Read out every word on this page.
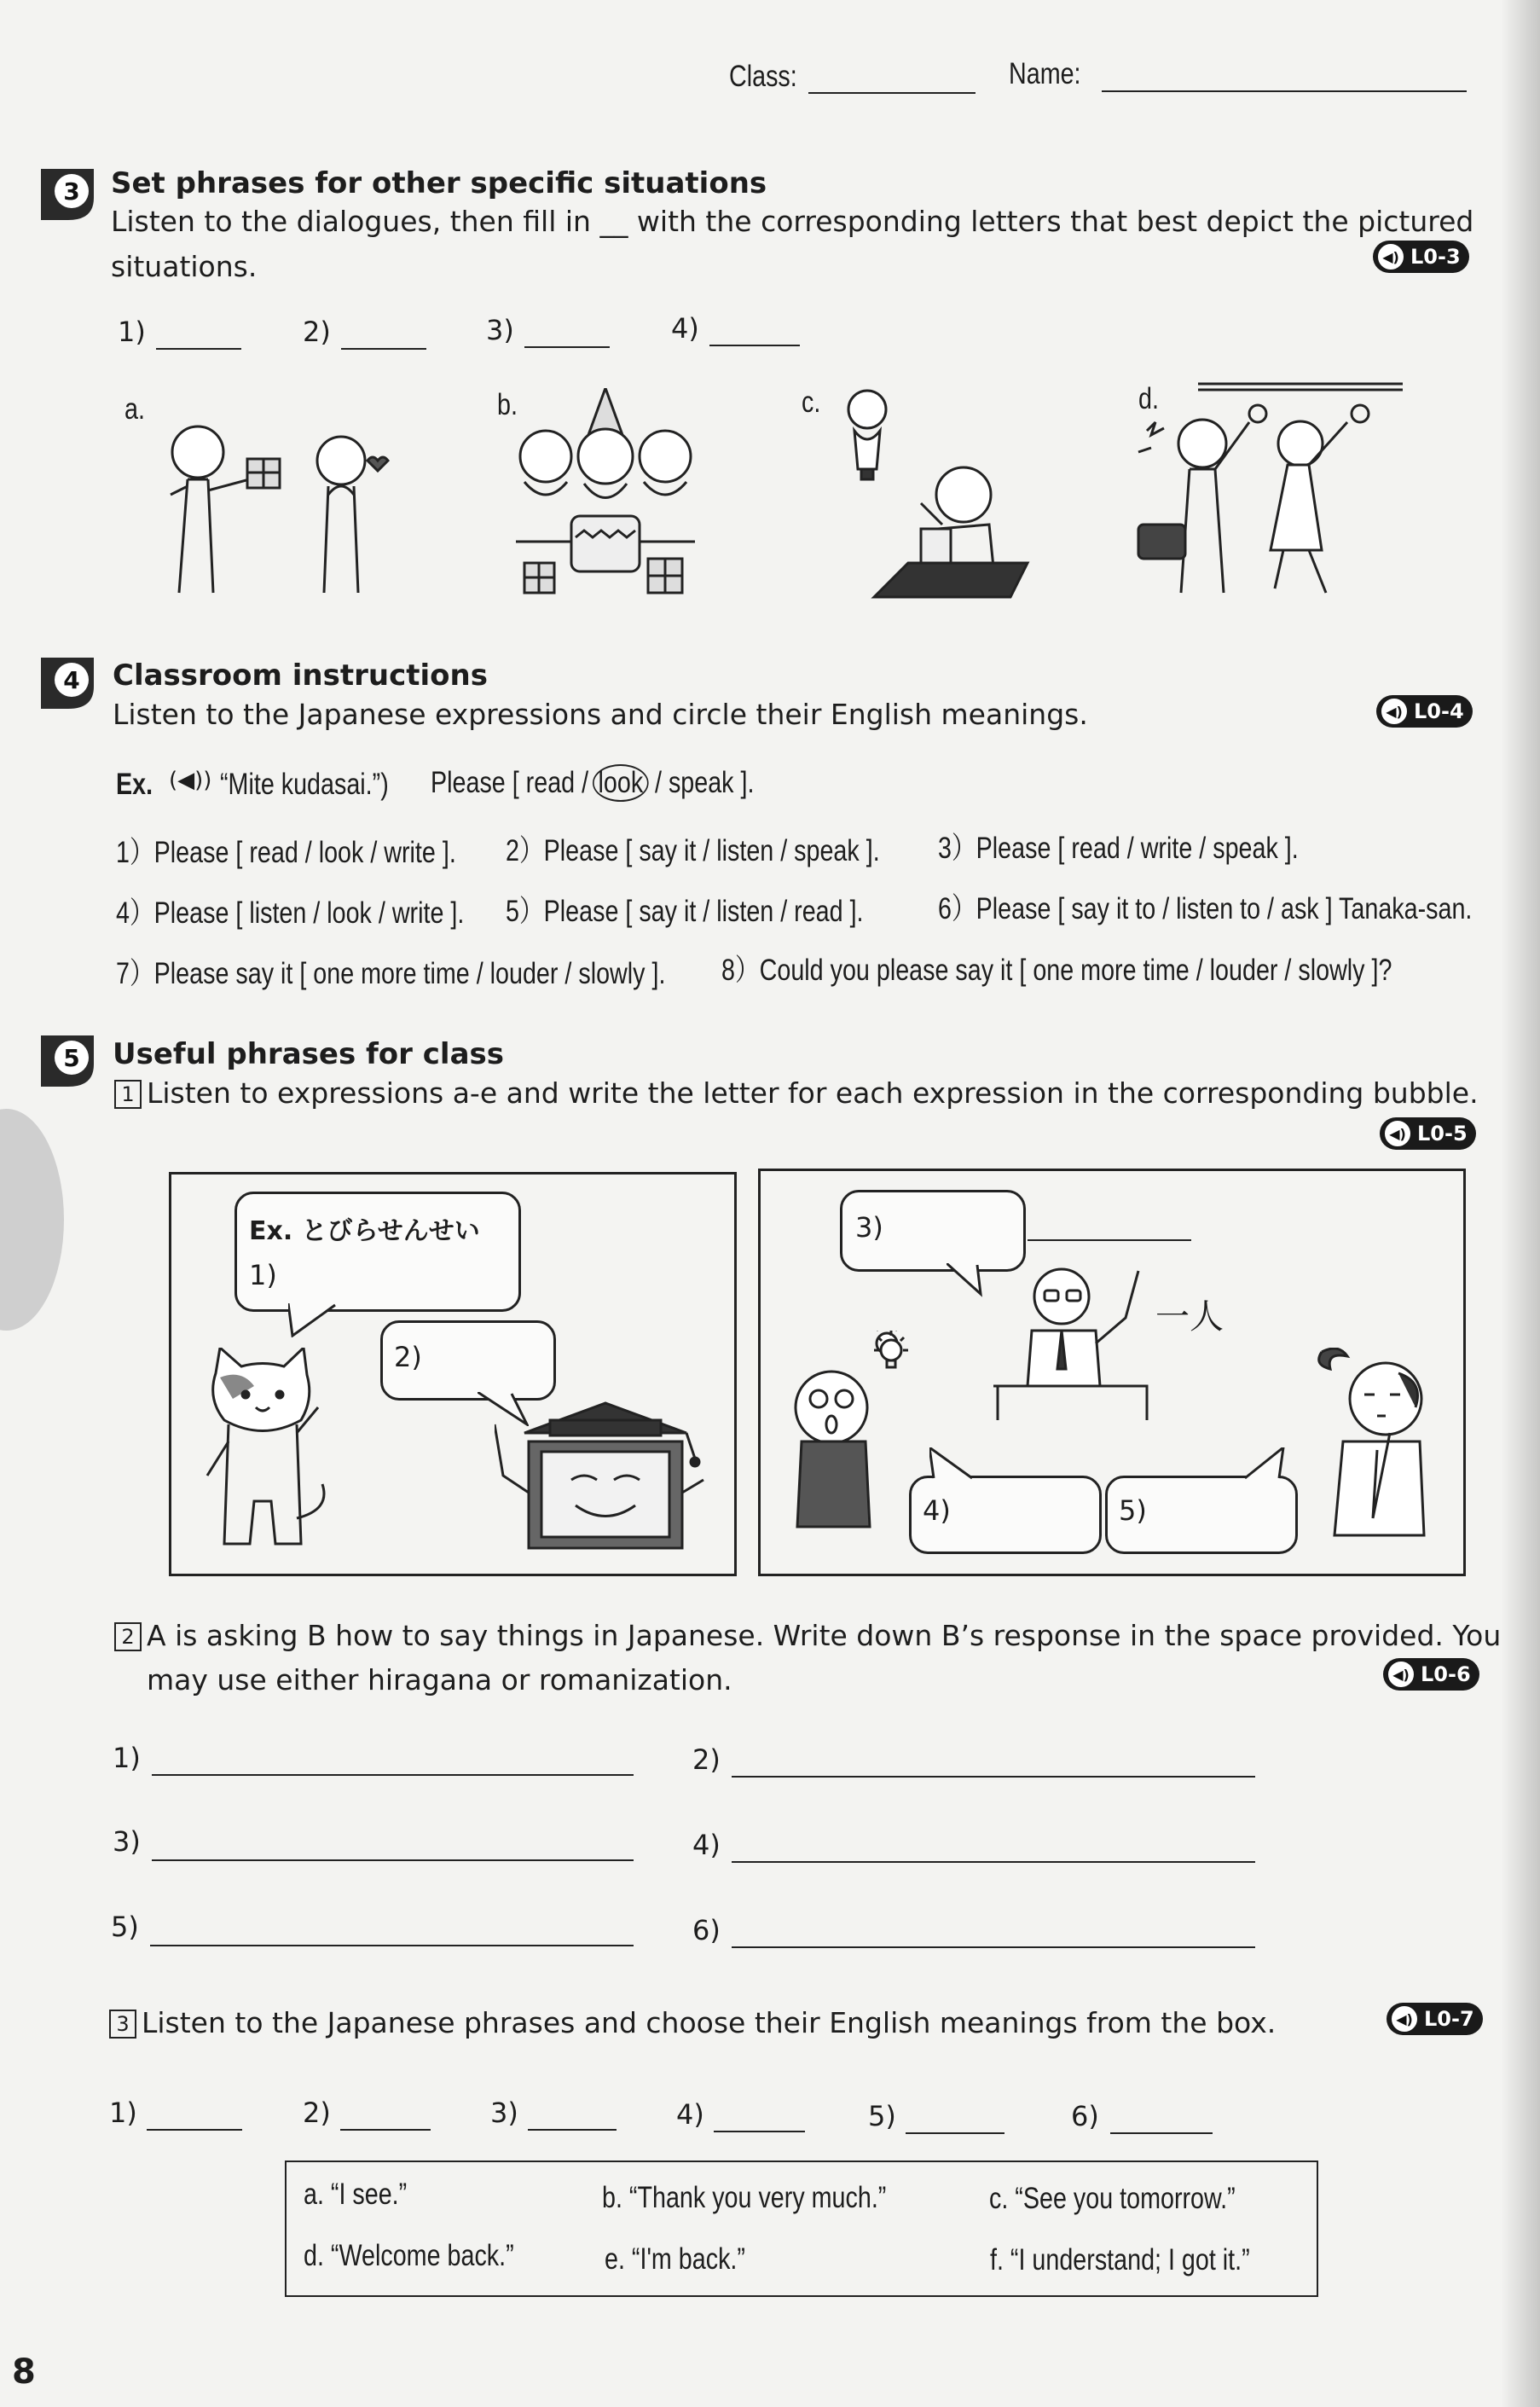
Class:	Name:
3 Set phrases for other specific situations
Listen to the dialogues, then fill in __ with the corresponding letters that best depict the pictured
situations.	◀) L0-3
1)	2)	3)	4)
a.	b.	c.	d.
4 Classroom instructions
Listen to the Japanese expressions and circle their English meanings.	◀) L0-4
Ex. (◀)) “Mite kudasai.”) Please [ read / look / speak ].
1）Please [ read / look / write ]. 2）Please [ say it / listen / speak ]. 3）Please [ read / write / speak ].
4）Please [ listen / look / write ]. 5）Please [ say it / listen / read ]. 6）Please [ say it to / listen to / ask ] Tanaka-san.
7）Please say it [ one more time / louder / slowly ]. 8）Could you please say it [ one more time / louder / slowly ]?
5 Useful phrases for class
1 Listen to expressions a-e and write the letter for each expression in the corresponding bubble.
◀) L0-5
Ex. とびらせんせい
1)
2)
3)
一人
4)	5)
2 A is asking B how to say things in Japanese. Write down B’s response in the space provided. You
may use either hiragana or romanization.	◀) L0-6
1)	2)
3)	4)
5)	6)
3 Listen to the Japanese phrases and choose their English meanings from the box.	◀) L0-7
1)	2)	3)	4)	5)	6)
a. “I see.”	b. “Thank you very much.”	c. “See you tomorrow.”
d. “Welcome back.”	e. “I'm back.”	f. “I understand; I got it.”
8
